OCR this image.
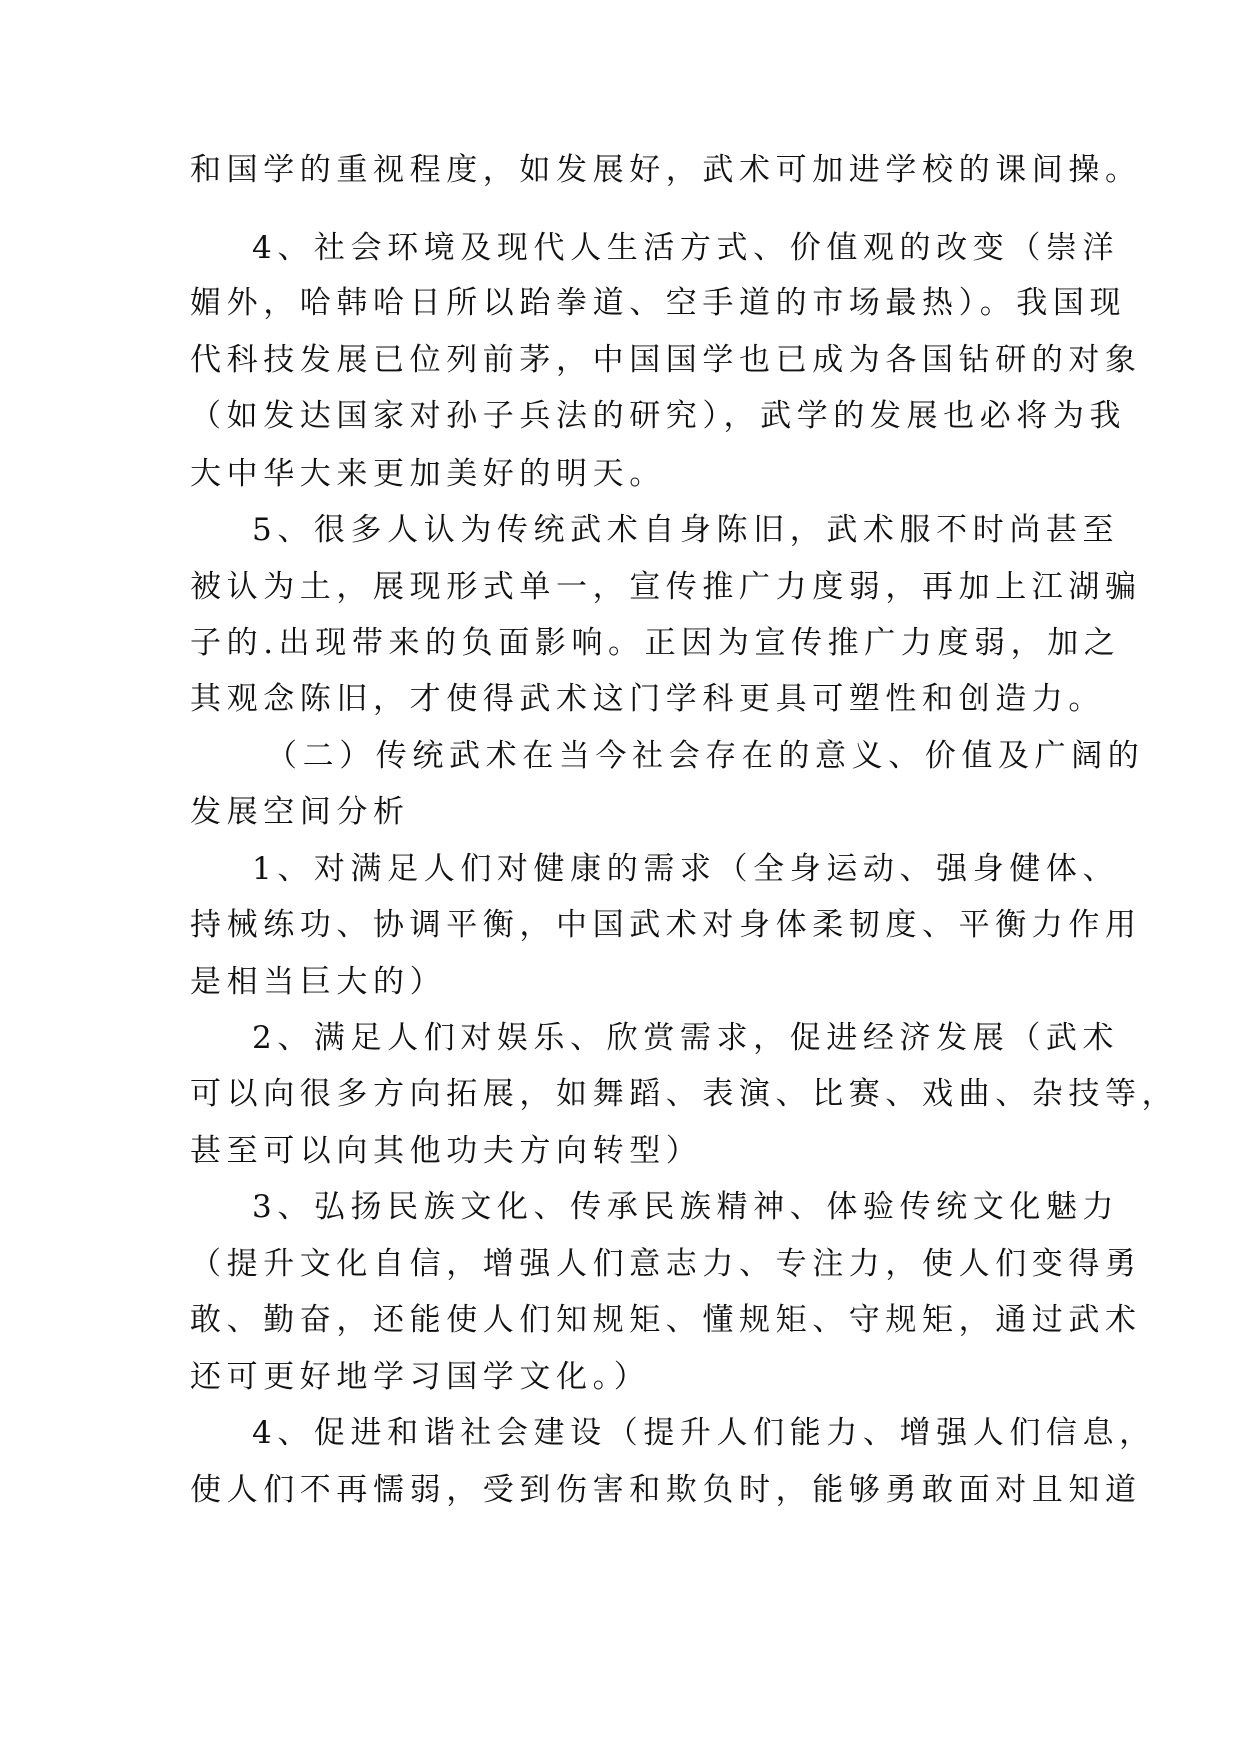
和国学的重视程度，如发展好，武术可加进学校的课间操。
4、社会环境及现代人生活方式、价值观的改变（崇洋
媚外，哈韩哈日所以跆拳道、空手道的市场最热）。我国现
代科技发展已位列前茅，中国国学也已成为各国钻研的对象
（如发达国家对孙子兵法的研究），武学的发展也必将为我
大中华大来更加美好的明天。
5、很多人认为传统武术自身陈旧，武术服不时尚甚至
被认为土，展现形式单一，宣传推广力度弱，再加上江湖骗
子的.出现带来的负面影响。正因为宣传推广力度弱，加之
其观念陈旧，才使得武术这门学科更具可塑性和创造力。
（二）传统武术在当今社会存在的意义、价值及广阔的
发展空间分析
1、对满足人们对健康的需求（全身运动、强身健体、
持械练功、协调平衡，中国武术对身体柔韧度、平衡力作用
是相当巨大的）
2、满足人们对娱乐、欣赏需求，促进经济发展（武术
可以向很多方向拓展，如舞蹈、表演、比赛、戏曲、杂技等，
甚至可以向其他功夫方向转型）
3、弘扬民族文化、传承民族精神、体验传统文化魅力
（提升文化自信，增强人们意志力、专注力，使人们变得勇
敢、勤奋，还能使人们知规矩、懂规矩、守规矩，通过武术
还可更好地学习国学文化。）
4、促进和谐社会建设（提升人们能力、增强人们信息，
使人们不再懦弱，受到伤害和欺负时，能够勇敢面对且知道
